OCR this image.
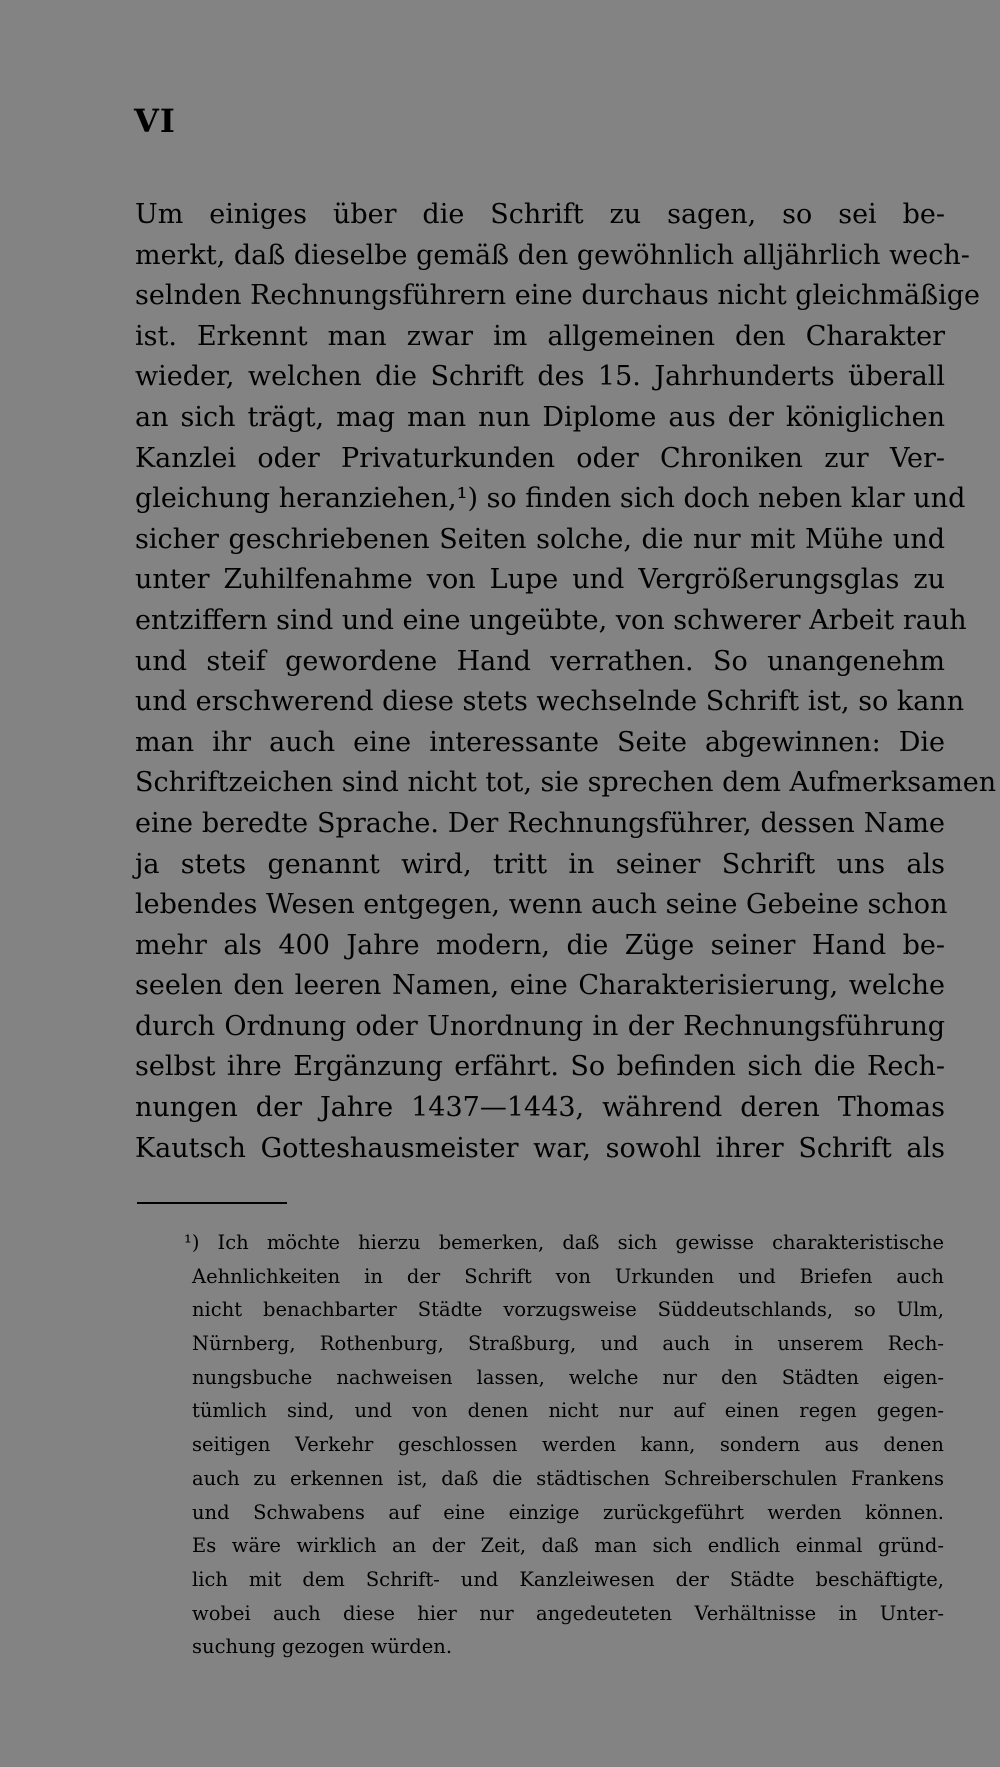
VI
Um einiges über die Schrift zu sagen, so sei be-
merkt, daß dieselbe gemäß den gewöhnlich alljährlich wech-
selnden Rechnungsführern eine durchaus nicht gleichmäßige
ist. Erkennt man zwar im allgemeinen den Charakter
wieder, welchen die Schrift des 15. Jahrhunderts überall
an sich trägt, mag man nun Diplome aus der königlichen
Kanzlei oder Privaturkunden oder Chroniken zur Ver-
gleichung heranziehen,¹) so finden sich doch neben klar und
sicher geschriebenen Seiten solche, die nur mit Mühe und
unter Zuhilfenahme von Lupe und Vergrößerungsglas zu
entziffern sind und eine ungeübte, von schwerer Arbeit rauh
und steif gewordene Hand verrathen. So unangenehm
und erschwerend diese stets wechselnde Schrift ist, so kann
man ihr auch eine interessante Seite abgewinnen: Die
Schriftzeichen sind nicht tot, sie sprechen dem Aufmerksamen
eine beredte Sprache. Der Rechnungsführer, dessen Name
ja stets genannt wird, tritt in seiner Schrift uns als
lebendes Wesen entgegen, wenn auch seine Gebeine schon
mehr als 400 Jahre modern, die Züge seiner Hand be-
seelen den leeren Namen, eine Charakterisierung, welche
durch Ordnung oder Unordnung in der Rechnungsführung
selbst ihre Ergänzung erfährt. So befinden sich die Rech-
nungen der Jahre 1437—1443, während deren Thomas
Kautsch Gotteshausmeister war, sowohl ihrer Schrift als
¹) Ich möchte hierzu bemerken, daß sich gewisse charakteristische
Aehnlichkeiten in der Schrift von Urkunden und Briefen auch
nicht benachbarter Städte vorzugsweise Süddeutschlands, so Ulm,
Nürnberg, Rothenburg, Straßburg, und auch in unserem Rech-
nungsbuche nachweisen lassen, welche nur den Städten eigen-
tümlich sind, und von denen nicht nur auf einen regen gegen-
seitigen Verkehr geschlossen werden kann, sondern aus denen
auch zu erkennen ist, daß die städtischen Schreiberschulen Frankens
und Schwabens auf eine einzige zurückgeführt werden können.
Es wäre wirklich an der Zeit, daß man sich endlich einmal gründ-
lich mit dem Schrift- und Kanzleiwesen der Städte beschäftigte,
wobei auch diese hier nur angedeuteten Verhältnisse in Unter-
suchung gezogen würden.
